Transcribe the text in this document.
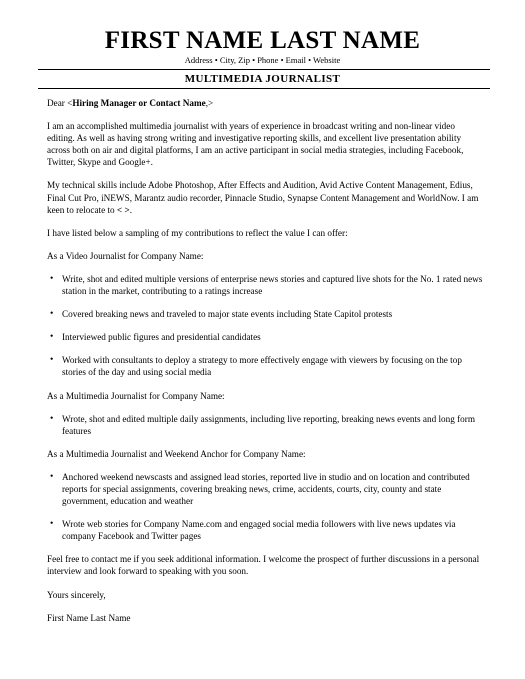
FIRST NAME LAST NAME
Address • City, Zip • Phone • Email • Website
MULTIMEDIA JOURNALIST

Dear <Hiring Manager or Contact Name,>

I am an accomplished multimedia journalist with years of experience in broadcast writing and non-linear video editing. As well as having strong writing and investigative reporting skills, and excellent live presentation ability across both on air and digital platforms, I am an active participant in social media strategies, including Facebook, Twitter, Skype and Google+.

My technical skills include Adobe Photoshop, After Effects and Audition, Avid Active Content Management, Edius, Final Cut Pro, iNEWS, Marantz audio recorder, Pinnacle Studio, Synapse Content Management and WorldNow. I am keen to relocate to < >.

I have listed below a sampling of my contributions to reflect the value I can offer:

As a Video Journalist for Company Name:

• Write, shot and edited multiple versions of enterprise news stories and captured live shots for the No. 1 rated news station in the market, contributing to a ratings increase
• Covered breaking news and traveled to major state events including State Capitol protests
• Interviewed public figures and presidential candidates
• Worked with consultants to deploy a strategy to more effectively engage with viewers by focusing on the top stories of the day and using social media

As a Multimedia Journalist for Company Name:

• Wrote, shot and edited multiple daily assignments, including live reporting, breaking news events and long form features

As a Multimedia Journalist and Weekend Anchor for Company Name:

• Anchored weekend newscasts and assigned lead stories, reported live in studio and on location and contributed reports for special assignments, covering breaking news, crime, accidents, courts, city, county and state government, education and weather
• Wrote web stories for Company Name.com and engaged social media followers with live news updates via company Facebook and Twitter pages

Feel free to contact me if you seek additional information. I welcome the prospect of further discussions in a personal interview and look forward to speaking with you soon.

Yours sincerely,

First Name Last Name
